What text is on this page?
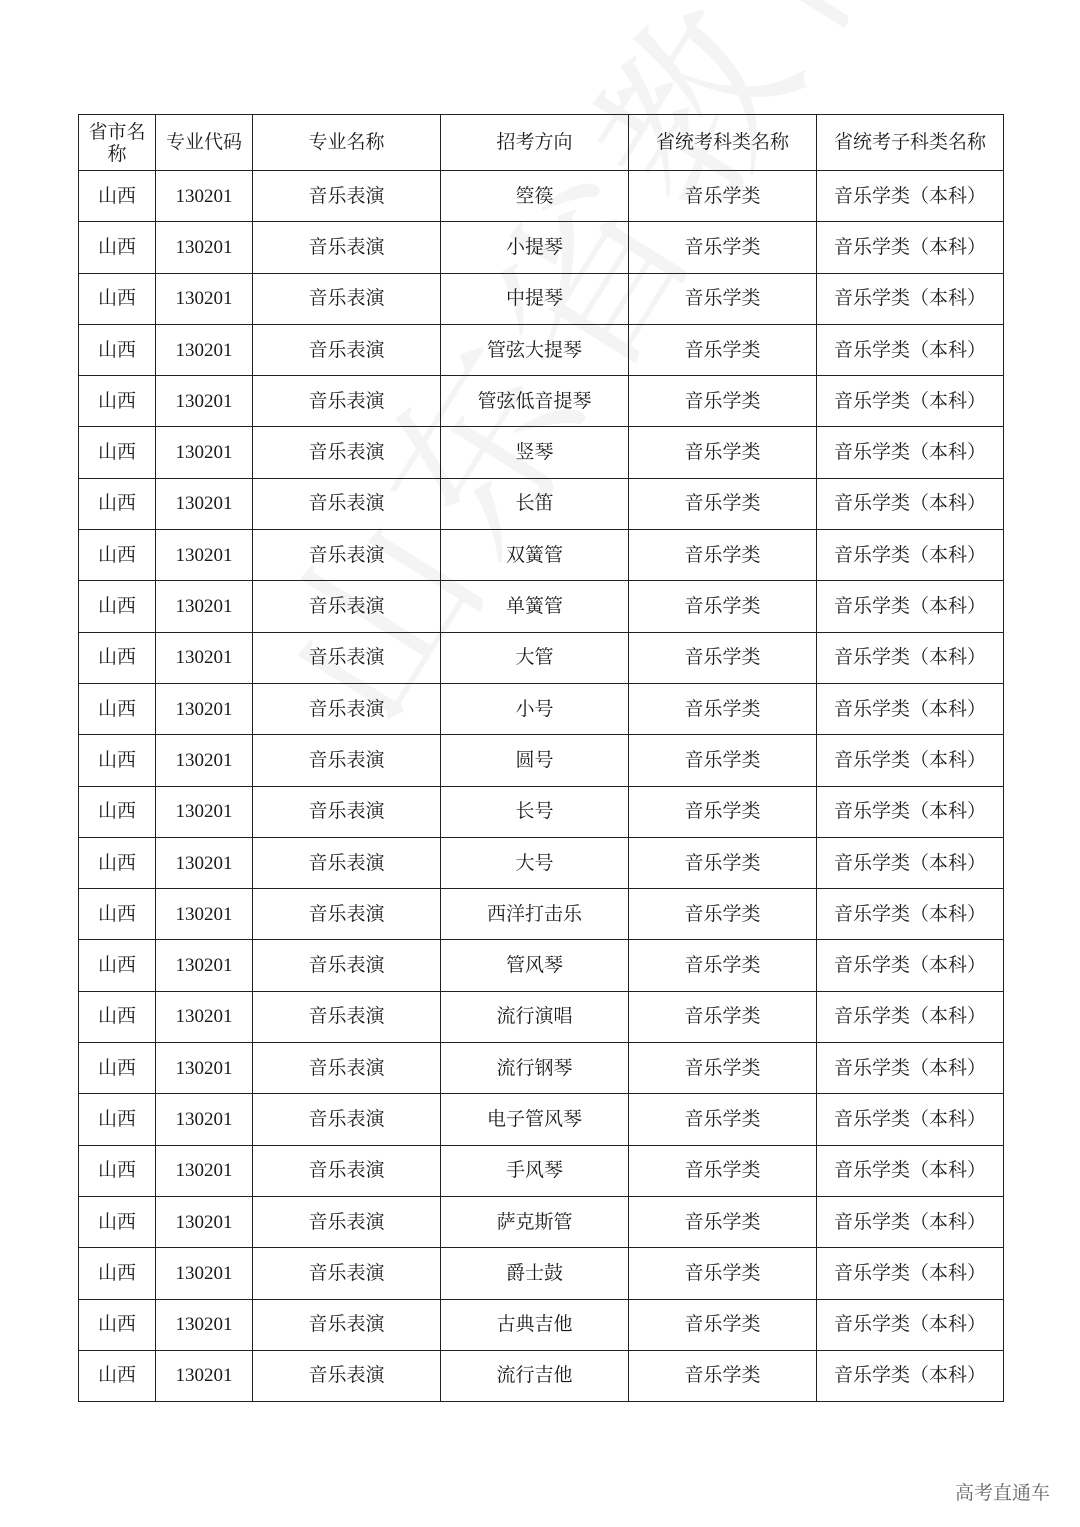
省市名称	专业代码	专业名称	招考方向	省统考科类名称	省统考子科类名称
山西	130201	音乐表演	箜篌	音乐学类	音乐学类（本科）
山西	130201	音乐表演	小提琴	音乐学类	音乐学类（本科）
山西	130201	音乐表演	中提琴	音乐学类	音乐学类（本科）
山西	130201	音乐表演	管弦大提琴	音乐学类	音乐学类（本科）
山西	130201	音乐表演	管弦低音提琴	音乐学类	音乐学类（本科）
山西	130201	音乐表演	竖琴	音乐学类	音乐学类（本科）
山西	130201	音乐表演	长笛	音乐学类	音乐学类（本科）
山西	130201	音乐表演	双簧管	音乐学类	音乐学类（本科）
山西	130201	音乐表演	单簧管	音乐学类	音乐学类（本科）
山西	130201	音乐表演	大管	音乐学类	音乐学类（本科）
山西	130201	音乐表演	小号	音乐学类	音乐学类（本科）
山西	130201	音乐表演	圆号	音乐学类	音乐学类（本科）
山西	130201	音乐表演	长号	音乐学类	音乐学类（本科）
山西	130201	音乐表演	大号	音乐学类	音乐学类（本科）
山西	130201	音乐表演	西洋打击乐	音乐学类	音乐学类（本科）
山西	130201	音乐表演	管风琴	音乐学类	音乐学类（本科）
山西	130201	音乐表演	流行演唱	音乐学类	音乐学类（本科）
山西	130201	音乐表演	流行钢琴	音乐学类	音乐学类（本科）
山西	130201	音乐表演	电子管风琴	音乐学类	音乐学类（本科）
山西	130201	音乐表演	手风琴	音乐学类	音乐学类（本科）
山西	130201	音乐表演	萨克斯管	音乐学类	音乐学类（本科）
山西	130201	音乐表演	爵士鼓	音乐学类	音乐学类（本科）
山西	130201	音乐表演	古典吉他	音乐学类	音乐学类（本科）
山西	130201	音乐表演	流行吉他	音乐学类	音乐学类（本科）
高考直通车
